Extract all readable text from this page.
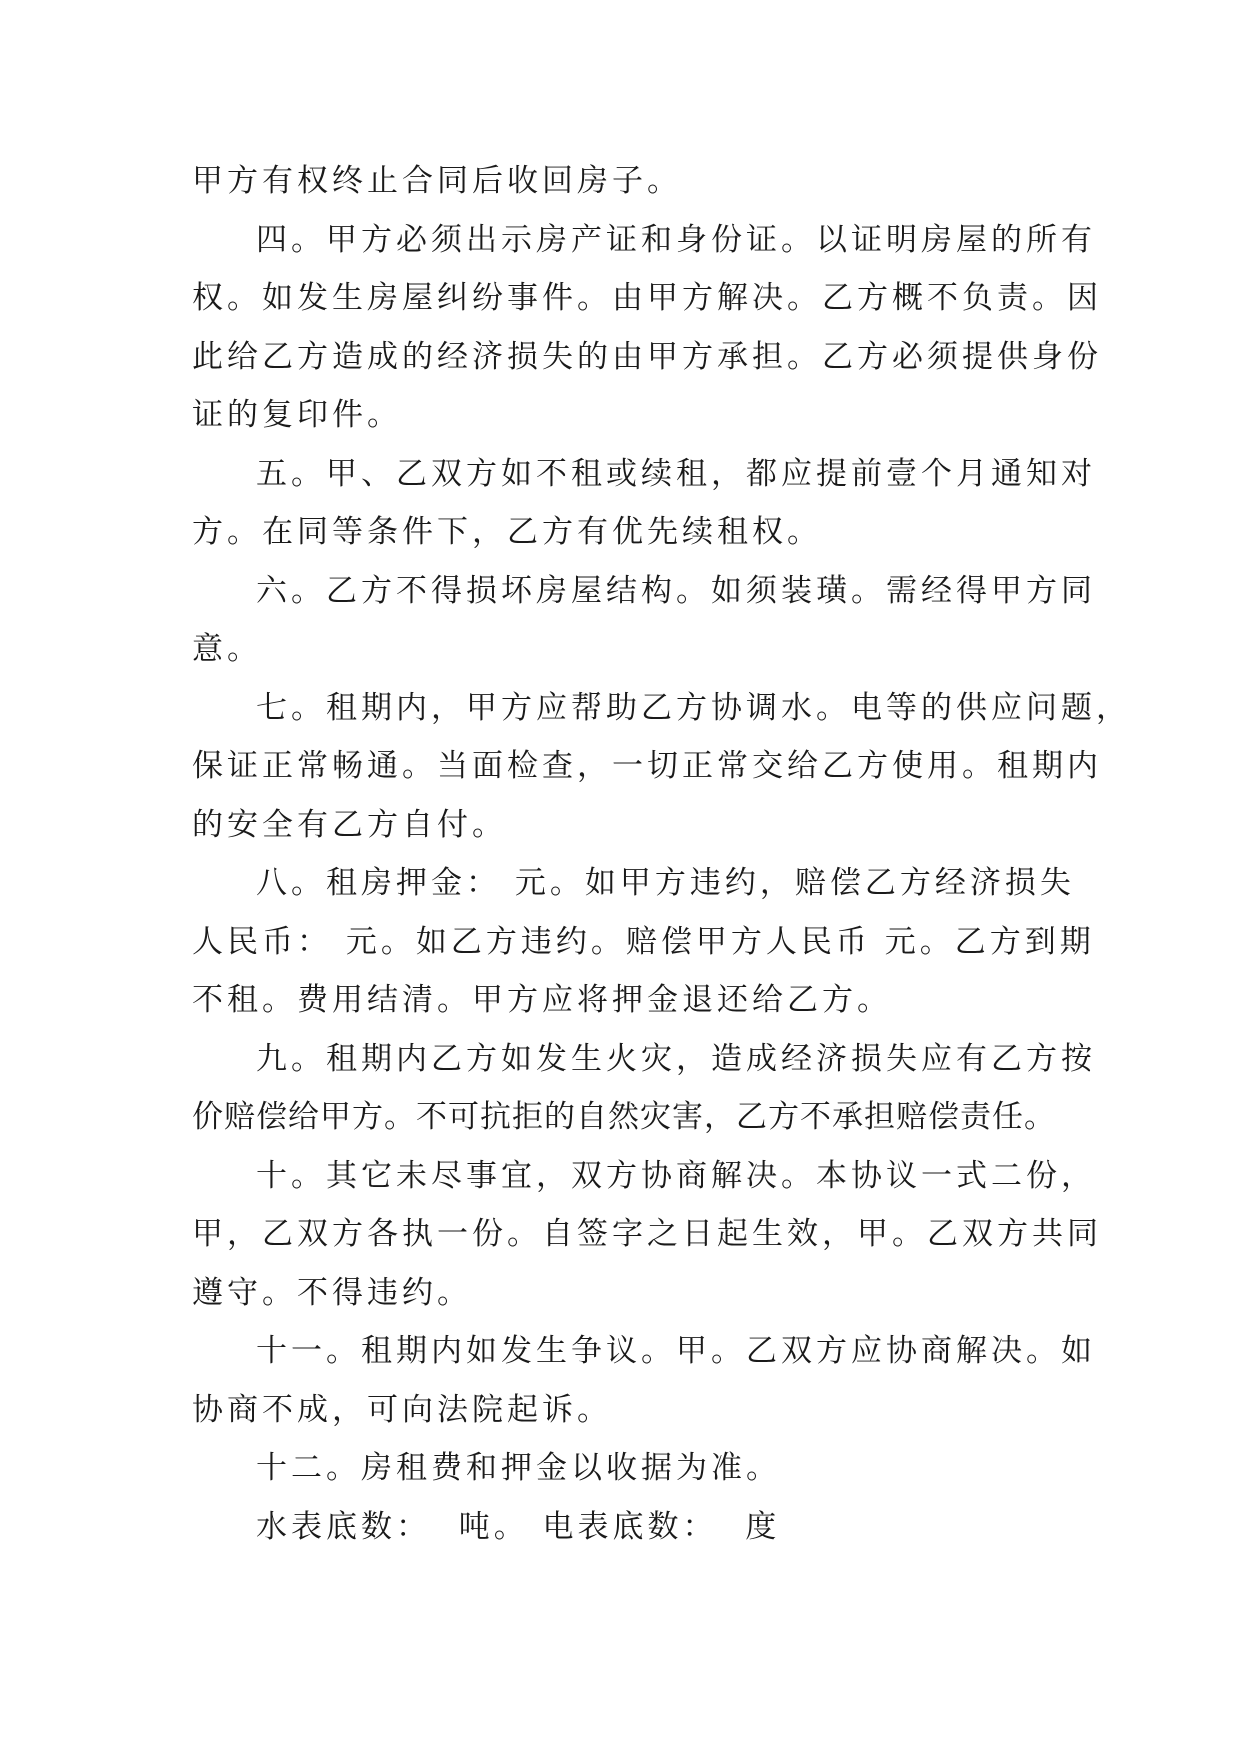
甲方有权终止合同后收回房子。

四。甲方必须出示房产证和身份证。以证明房屋的所有
权。如发生房屋纠纷事件。由甲方解决。乙方概不负责。因
此给乙方造成的经济损失的由甲方承担。乙方必须提供身份
证的复印件。

五。甲、乙双方如不租或续租，都应提前壹个月通知对
方。在同等条件下，乙方有优先续租权。

六。乙方不得损坏房屋结构。如须装璜。需经得甲方同
意。

七。租期内，甲方应帮助乙方协调水。电等的供应问题，
保证正常畅通。当面检查，一切正常交给乙方使用。租期内
的安全有乙方自付。

八。租房押金： 元。如甲方违约，赔偿乙方经济损失
人民币： 元。如乙方违约。赔偿甲方人民币 元。乙方到期
不租。费用结清。甲方应将押金退还给乙方。

九。租期内乙方如发生火灾，造成经济损失应有乙方按
价赔偿给甲方。不可抗拒的自然灾害，乙方不承担赔偿责任。

十。其它未尽事宜，双方协商解决。本协议一式二份，
甲，乙双方各执一份。自签字之日起生效，甲。乙双方共同
遵守。不得违约。

十一。租期内如发生争议。甲。乙双方应协商解决。如
协商不成，可向法院起诉。

十二。房租费和押金以收据为准。

水表底数：  吨。 电表底数：  度
